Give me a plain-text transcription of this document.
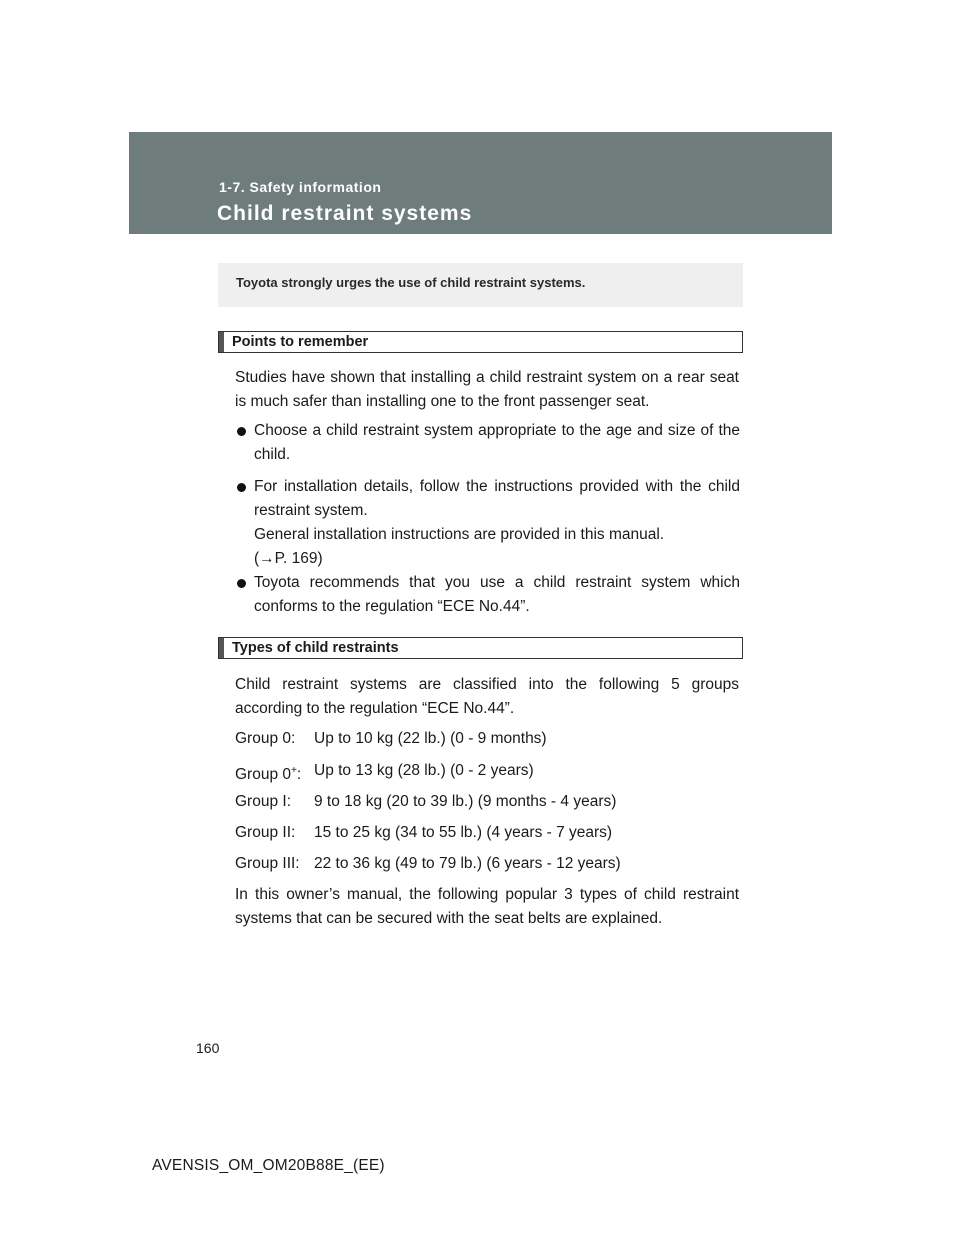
1-7. Safety information
Child restraint systems
Toyota strongly urges the use of child restraint systems.
Points to remember
Studies have shown that installing a child restraint system on a rear seat is much safer than installing one to the front passenger seat.
Choose a child restraint system appropriate to the age and size of the child.
For installation details, follow the instructions provided with the child restraint system.
General installation instructions are provided in this manual.
(→P. 169)
Toyota recommends that you use a child restraint system which conforms to the regulation “ECE No.44”.
Types of child restraints
Child restraint systems are classified into the following 5 groups according to the regulation “ECE No.44”.
Group 0: Up to 10 kg (22 lb.) (0 - 9 months)
Group 0+: Up to 13 kg (28 lb.) (0 - 2 years)
Group I: 9 to 18 kg (20 to 39 lb.) (9 months - 4 years)
Group II: 15 to 25 kg (34 to 55 lb.) (4 years - 7 years)
Group III: 22 to 36 kg (49 to 79 lb.) (6 years - 12 years)
In this owner’s manual, the following popular 3 types of child restraint systems that can be secured with the seat belts are explained.
160
AVENSIS_OM_OM20B88E_(EE)
